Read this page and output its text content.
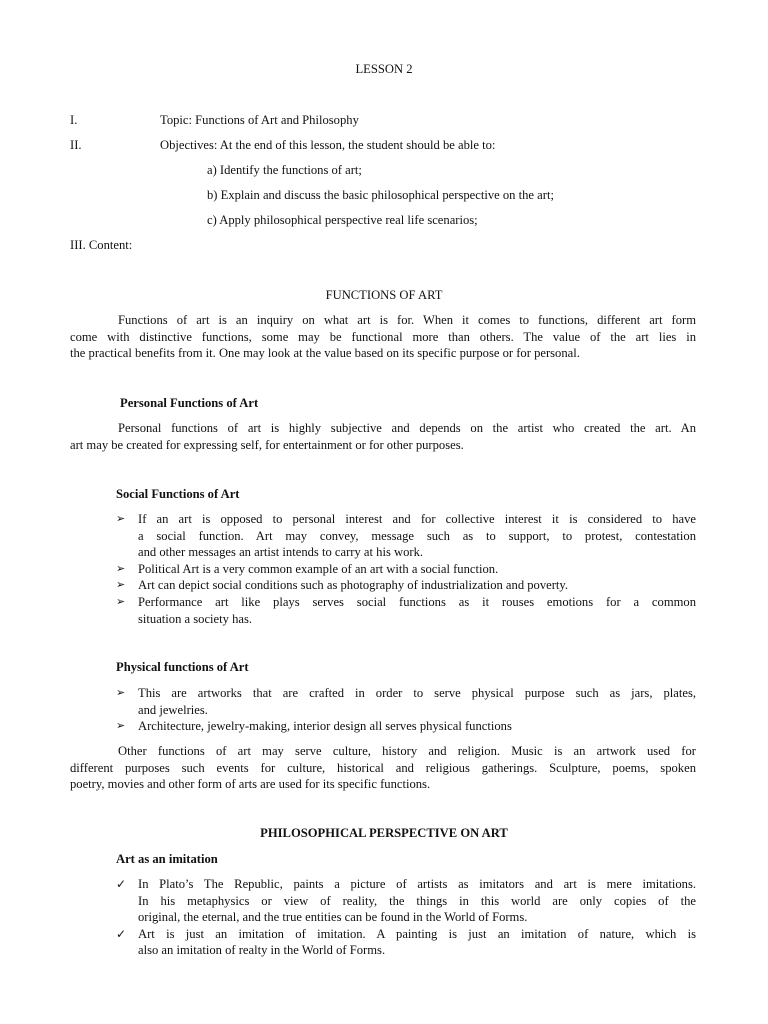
LESSON 2
I.	Topic: Functions of Art and Philosophy
II.	Objectives: At the end of this lesson, the student should be able to:
a) Identify the functions of art;
b) Explain and discuss the basic philosophical perspective on the art;
c) Apply philosophical perspective real life scenarios;
III. Content:
FUNCTIONS OF ART
Functions of art is an inquiry on what art is for. When it comes to functions, different art form
come with distinctive functions, some may be functional more than others. The value of the art lies in
the practical benefits from it. One may look at the value based on its specific purpose or for personal.
Personal Functions of Art
Personal functions of art is highly subjective and depends on the artist who created the art. An
art may be created for expressing self, for entertainment or for other purposes.
Social Functions of Art
➢	If an art is opposed to personal interest and for collective interest it is considered to have
a social function. Art may convey, message such as to support, to protest, contestation
and other messages an artist intends to carry at his work.
➢	Political Art is a very common example of an art with a social function.
➢	Art can depict social conditions such as photography of industrialization and poverty.
➢	Performance art like plays serves social functions as it rouses emotions for a common
situation a society has.
Physical functions of Art
➢	This are artworks that are crafted in order to serve physical purpose such as jars, plates,
and jewelries.
➢	Architecture, jewelry-making, interior design all serves physical functions
Other functions of art may serve culture, history and religion. Music is an artwork used for
different purposes such events for culture, historical and religious gatherings. Sculpture, poems, spoken
poetry, movies and other form of arts are used for its specific functions.
PHILOSOPHICAL PERSPECTIVE ON ART
Art as an imitation
✓ In Plato’s The Republic, paints a picture of artists as imitators and art is mere imitations.
In his metaphysics or view of reality, the things in this world are only copies of the
original, the eternal, and the true entities can be found in the World of Forms.
✓ Art is just an imitation of imitation. A painting is just an imitation of nature, which is
also an imitation of realty in the World of Forms.
